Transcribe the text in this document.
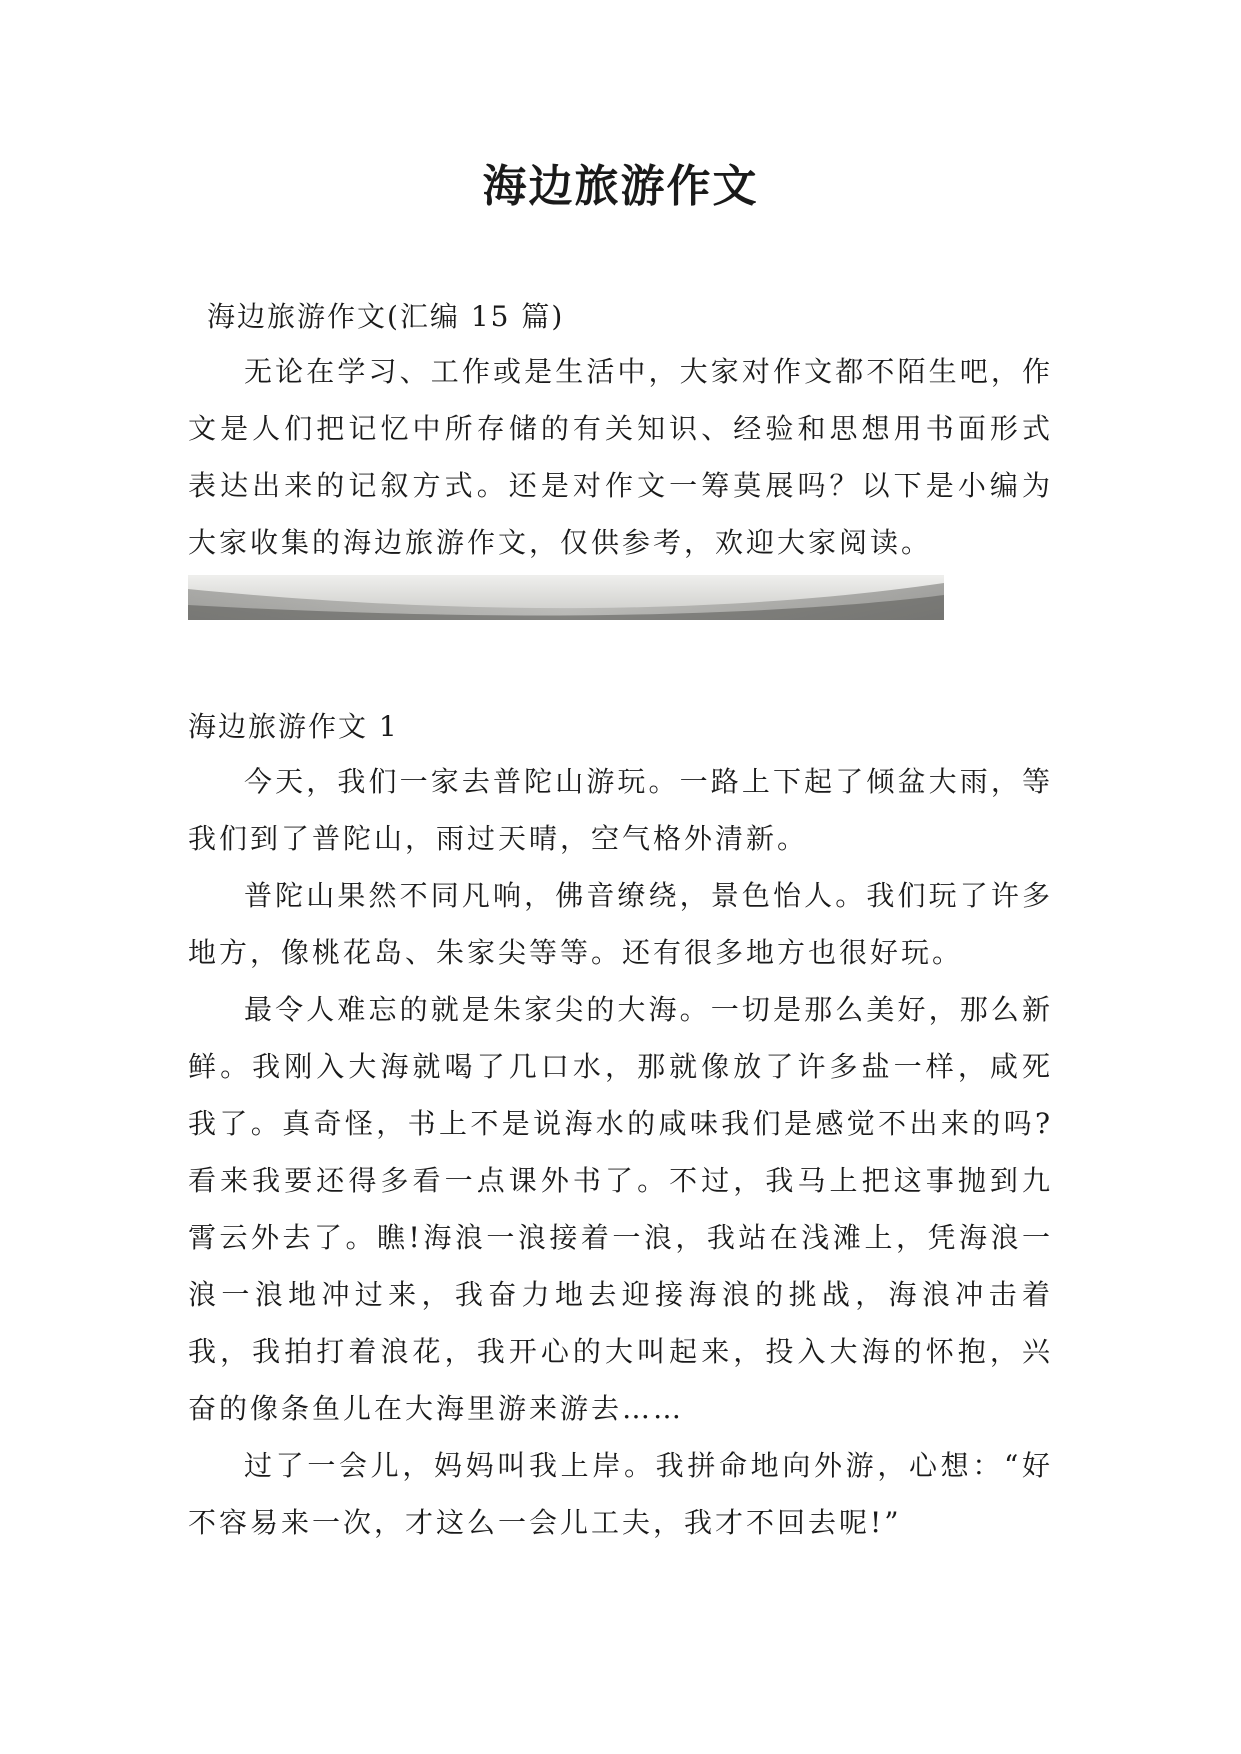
海边旅游作文
海边旅游作文(汇编 15 篇)

无论在学习、工作或是生活中，大家对作文都不陌生吧，作文是人们把记忆中所存储的有关知识、经验和思想用书面形式表达出来的记叙方式。还是对作文一筹莫展吗？以下是小编为大家收集的海边旅游作文，仅供参考，欢迎大家阅读。

海边旅游作文 1

今天，我们一家去普陀山游玩。一路上下起了倾盆大雨，等我们到了普陀山，雨过天晴，空气格外清新。

普陀山果然不同凡响，佛音缭绕，景色怡人。我们玩了许多地方，像桃花岛、朱家尖等等。还有很多地方也很好玩。

最令人难忘的就是朱家尖的大海。一切是那么美好，那么新鲜。我刚入大海就喝了几口水，那就像放了许多盐一样，咸死我了。真奇怪，书上不是说海水的咸味我们是感觉不出来的吗?看来我要还得多看一点课外书了。不过，我马上把这事抛到九霄云外去了。瞧!海浪一浪接着一浪，我站在浅滩上，凭海浪一浪一浪地冲过来，我奋力地去迎接海浪的挑战，海浪冲击着我，我拍打着浪花，我开心的大叫起来，投入大海的怀抱，兴奋的像条鱼儿在大海里游来游去……

过了一会儿，妈妈叫我上岸。我拼命地向外游，心想：“好不容易来一次，才这么一会儿工夫，我才不回去呢!”
